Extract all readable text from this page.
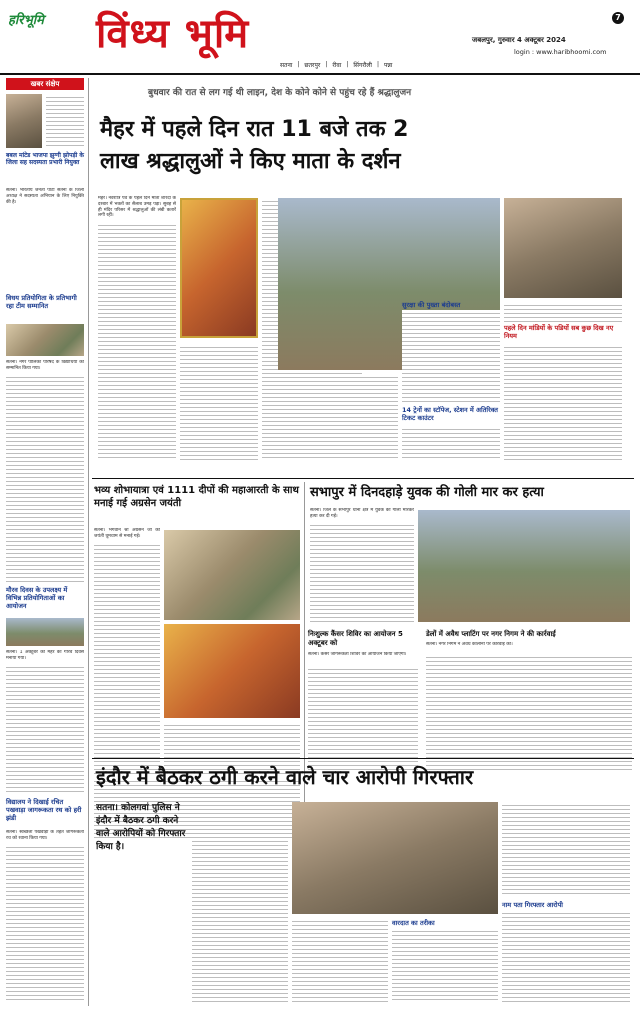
हरिभूमि विंध्य भूमि	जबलपुर, गुरुवार 4 अक्टूबर 2024
login : www.haribhoomi.com
7
सतना | छतरपुर | रीवा | सिंगरौली | पन्ना
खबर संक्षेप
बबल मांटेड भाजपा झुग्गी झोपड़ी के जिला सह सदस्यता प्रभारी नियुक्त
सतना। भारतीय जनता पार्टी सतना के जिला अध्यक्ष ने सदस्यता अभियान के लिए नियुक्ति की है।
विधय प्रतियोगिता के प्रतिभागी रहा टीम सम्मानित
सतना। नगर पालिका परिषद के विद्यार्थियों को सम्मानित किया गया।
मौरव दिवस के उपलक्ष्य में विभिन्न प्रतियोगिताओं का आयोजन
सतना। 1 अक्टूबर को मैहर का गौरव दिवस मनाया गया।
विद्यालय ने दिखाई रचित पखवाड़ा जागरूकता रथ को हरी झंडी
सतना। स्वच्छता पखवाड़ा के तहत जागरूकता रथ को रवाना किया गया।
बुधवार की रात से लग गई थी लाइन, देश के कोने कोने से पहुंच रहे हैं श्रद्धालुजन
मैहर में पहले दिन रात 11 बजे तक 2
लाख श्रद्धालुओं ने किए माता के दर्शन
मैहर। नवरात्रि पर्व के पहले दिन माता शारदा के दरबार में भक्तों का सैलाब उमड़ पड़ा। सुबह से ही मंदिर परिसर में श्रद्धालुओं की लंबी कतारें लगी रहीं।
सुरक्षा की पुख्ता बंदोबस्त
14 ट्रेनों का स्टॉपेज, स्टेशन में अतिरिक्त टिकट काउंटर
पहले दिन मांडियों के पडियों सब कुछ दिख नए नियम
भव्य शोभायात्रा एवं 1111 दीपों की महाआरती के साथ मनाई गई अग्रसेन जयंती
सतना। भगवान श्री अग्रसेन जी की जयंती धूमधाम से मनाई गई।
सभापुर में दिनदहाड़े युवक की गोली मार कर हत्या
सतना। जिले के सभापुर थाना क्षेत्र में युवक की गोली मारकर हत्या कर दी गई।
निःशुल्क कैंसर शिविर का आयोजन 5 अक्टूबर को
सतना। कैंसर जागरूकता शिविर का आयोजन किया जाएगा।
डेलों में अवैध प्लाटिंग पर नगर निगम ने की कार्रवाई
सतना। नगर निगम ने अवैध कॉलोनी पर कार्रवाई की।
इंदौर में बैठकर ठगी करने वाले चार आरोपी गिरफ्तार
सतना। कोलगवां पुलिस ने इंदौर में बैठकर ठगी करने वाले आरोपियों को गिरफ्तार किया है।
वारदात का तरीका
नाम पता गिरफ्तार आरोपी
